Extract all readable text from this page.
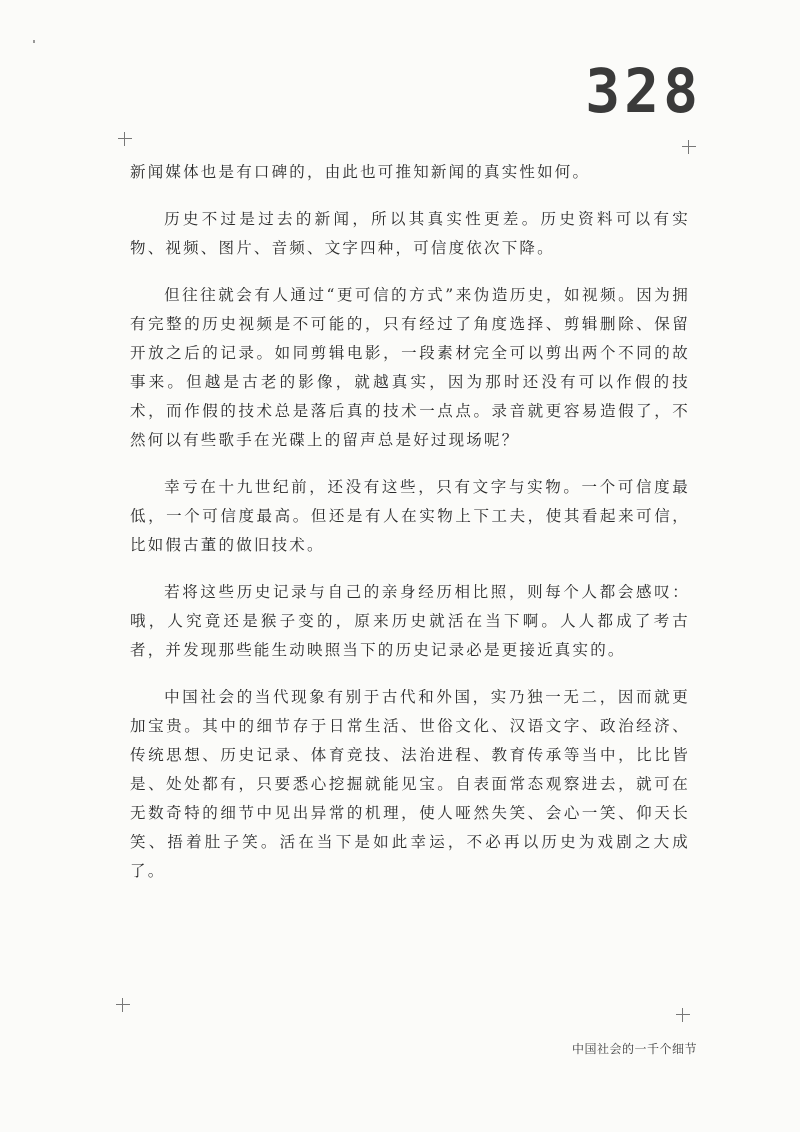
328

新闻媒体也是有口碑的，由此也可推知新闻的真实性如何。

历史不过是过去的新闻，所以其真实性更差。历史资料可以有实物、视频、图片、音频、文字四种，可信度依次下降。

但往往就会有人通过“更可信的方式”来伪造历史，如视频。因为拥有完整的历史视频是不可能的，只有经过了角度选择、剪辑删除、保留开放之后的记录。如同剪辑电影，一段素材完全可以剪出两个不同的故事来。但越是古老的影像，就越真实，因为那时还没有可以作假的技术，而作假的技术总是落后真的技术一点点。录音就更容易造假了，不然何以有些歌手在光碟上的留声总是好过现场呢？

幸亏在十九世纪前，还没有这些，只有文字与实物。一个可信度最低，一个可信度最高。但还是有人在实物上下工夫，使其看起来可信，比如假古董的做旧技术。

若将这些历史记录与自己的亲身经历相比照，则每个人都会感叹：哦，人究竟还是猴子变的，原来历史就活在当下啊。人人都成了考古者，并发现那些能生动映照当下的历史记录必是更接近真实的。

中国社会的当代现象有别于古代和外国，实乃独一无二，因而就更加宝贵。其中的细节存于日常生活、世俗文化、汉语文字、政治经济、传统思想、历史记录、体育竞技、法治进程、教育传承等当中，比比皆是、处处都有，只要悉心挖掘就能见宝。自表面常态观察进去，就可在无数奇特的细节中见出异常的机理，使人哑然失笑、会心一笑、仰天长笑、捂着肚子笑。活在当下是如此幸运，不必再以历史为戏剧之大成了。

中国社会的一千个细节
